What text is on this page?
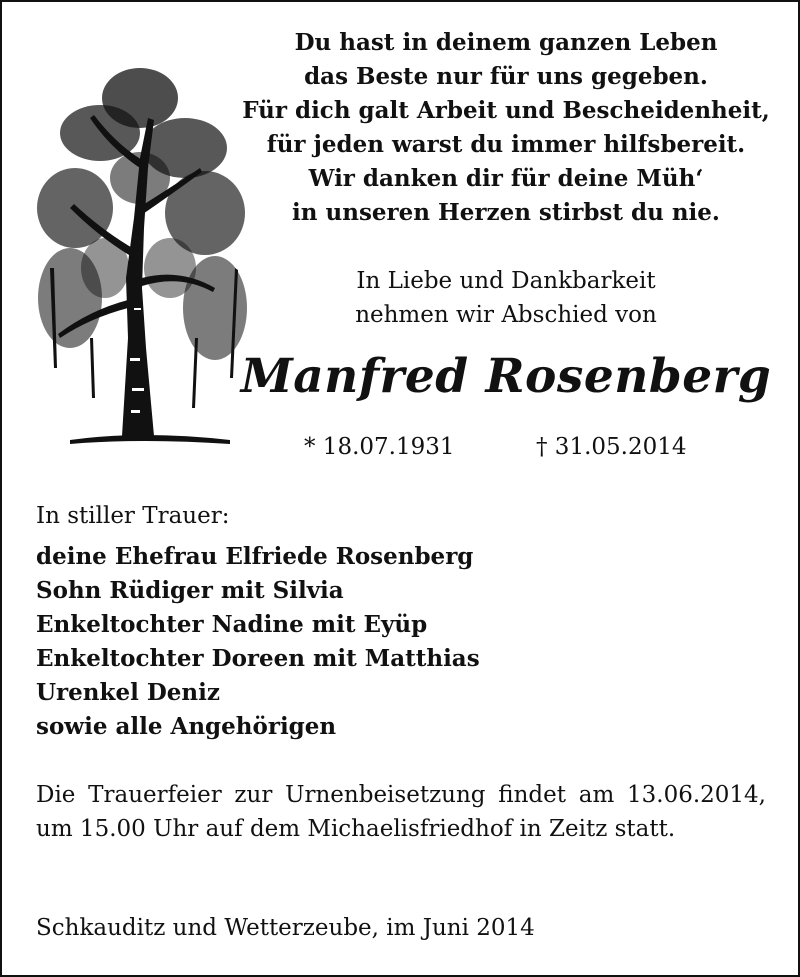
Du hast in deinem ganzen Leben
das Beste nur für uns gegeben.
Für dich galt Arbeit und Bescheidenheit,
für jeden warst du immer hilfsbereit.
Wir danken dir für deine Müh‘
in unseren Herzen stirbst du nie.
In Liebe und Dankbarkeit
nehmen wir Abschied von
Manfred Rosenberg
* 18.07.1931	† 31.05.2014
In stiller Trauer:
deine Ehefrau Elfriede Rosenberg
Sohn Rüdiger mit Silvia
Enkeltochter Nadine mit Eyüp
Enkeltochter Doreen mit Matthias
Urenkel Deniz
sowie alle Angehörigen
Die Trauerfeier zur Urnenbeisetzung findet am 13.06.2014, um 15.00 Uhr auf dem Michaelisfriedhof in Zeitz statt.
Schkauditz und Wetterzeube, im Juni 2014
